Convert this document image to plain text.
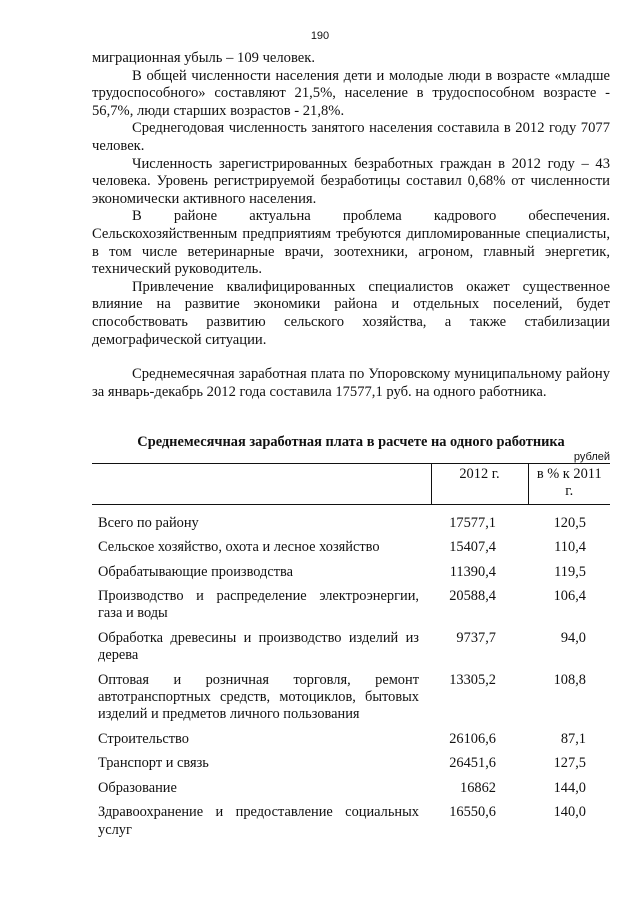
190

миграционная убыль – 109 человек.

В общей численности населения дети и молодые люди в возрасте «младше трудоспособного» составляют 21,5%, население в трудоспособном возрасте - 56,7%, люди старших возрастов - 21,8%.

Среднегодовая численность занятого населения составила в 2012 году 7077 человек.

Численность зарегистрированных безработных граждан в 2012 году – 43 человека. Уровень регистрируемой безработицы составил 0,68% от численности экономически активного населения.

В районе актуальна проблема кадрового обеспечения. Сельскохозяйственным предприятиям требуются дипломированные специалисты, в том числе ветеринарные врачи, зоотехники, агроном, главный энергетик, технический руководитель.

Привлечение квалифицированных специалистов окажет существенное влияние на развитие экономики района и отдельных поселений, будет способствовать развитию сельского хозяйства, а также стабилизации демографической ситуации.

Среднемесячная заработная плата по Упоровскому муниципальному району за январь-декабрь 2012 года составила 17577,1 руб. на одного работника.

Среднемесячная заработная плата в расчете на одного работника
рублей
	2012 г.	в % к 2011 г.

Всего по району	17577,1	120,5
Сельское хозяйство, охота и лесное хозяйство	15407,4	110,4
Обрабатывающие производства	11390,4	119,5
Производство и распределение электроэнергии, газа и воды	20588,4	106,4
Обработка древесины и производство изделий из дерева	9737,7	94,0
Оптовая и розничная торговля, ремонт автотранспортных средств, мотоциклов, бытовых изделий и предметов личного пользования	13305,2	108,8
Строительство	26106,6	87,1
Транспорт и связь	26451,6	127,5
Образование	16862	144,0
Здравоохранение и предоставление социальных услуг	16550,6	140,0
